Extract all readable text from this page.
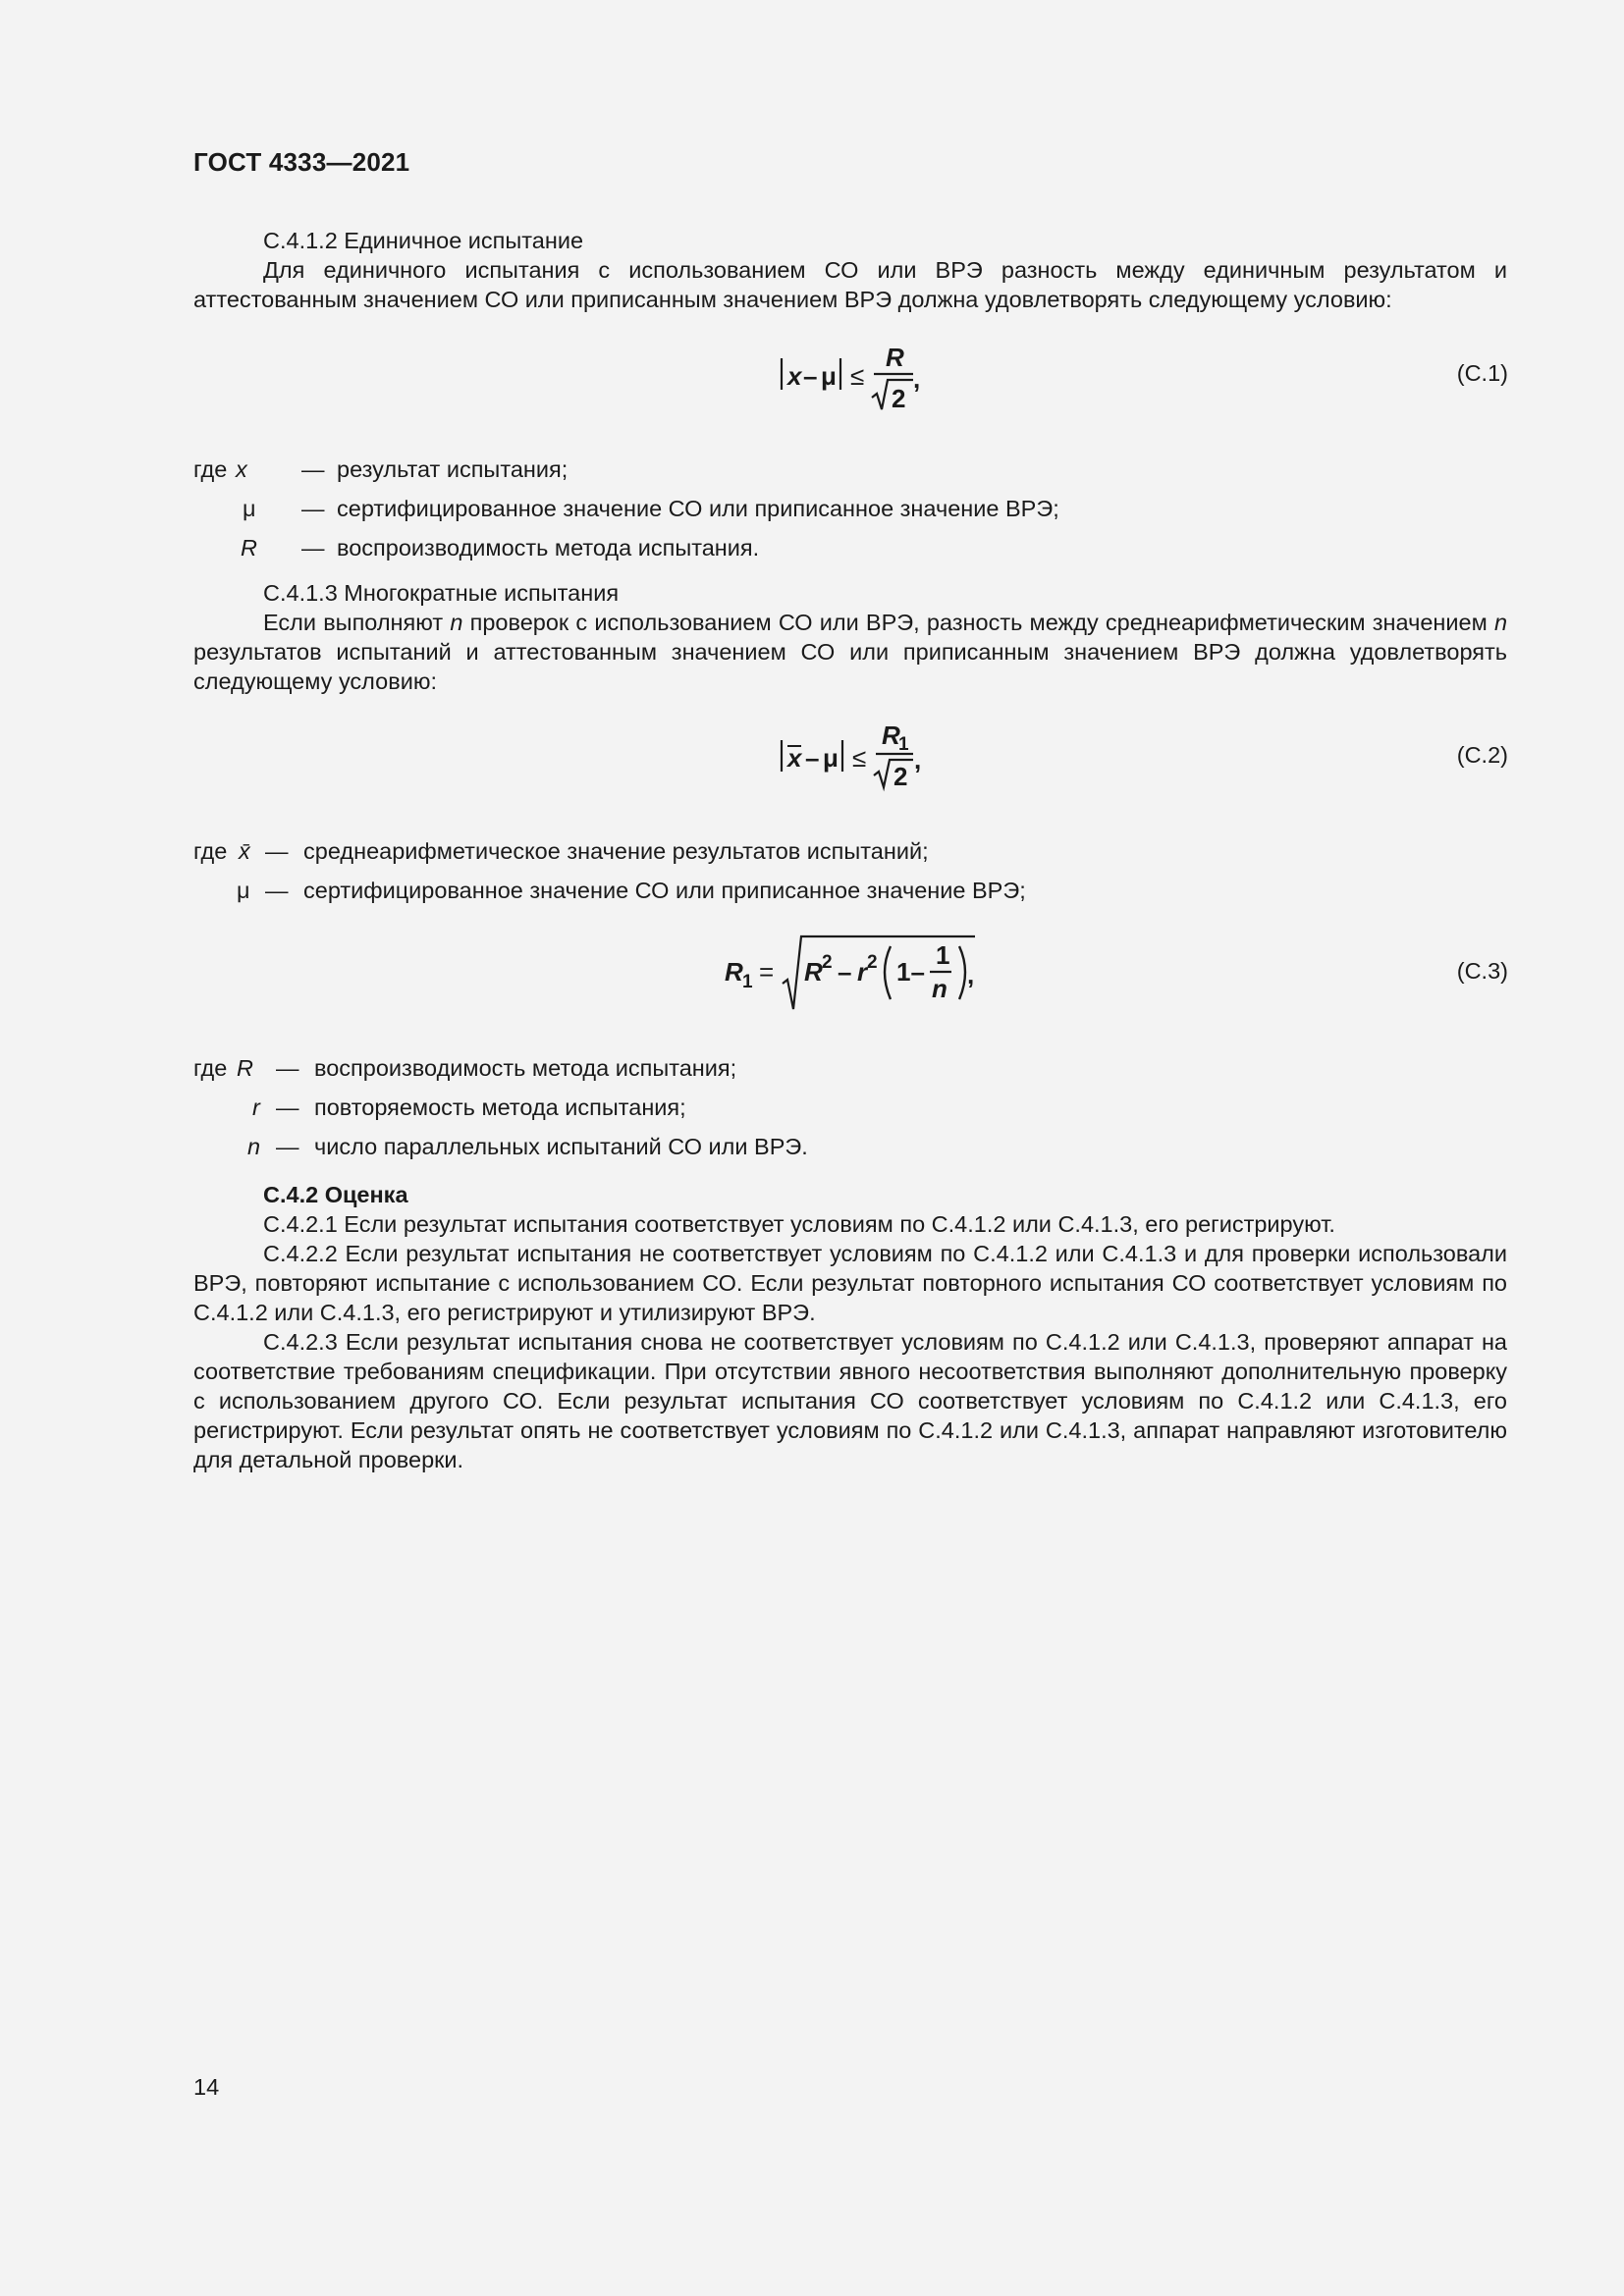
ГОСТ 4333—2021
С.4.1.2 Единичное испытание
Для единичного испытания с использованием СО или ВРЭ разность между единичным результатом и аттестованным значением СО или приписанным значением ВРЭ должна удовлетворять следующему условию:
x – μ ≤
R
2
,	(С.1)
где x — результат испытания;
μ — сертифицированное значение СО или приписанное значение ВРЭ;
R — воспроизводимость метода испытания.
С.4.1.3 Многократные испытания
Если выполняют n проверок с использованием СО или ВРЭ, разность между среднеарифметическим значением n результатов испытаний и аттестованным значением СО или приписанным значением ВРЭ должна удовлетворять следующему условию:
x – μ ≤
R
1
2
,	(С.2)
где x̄ — среднеарифметическое значение результатов испытаний;
μ — сертифицированное значение СО или приписанное значение ВРЭ;
R 1 = R 2 – r 2 1–
1
n ,	(С.3)
где R — воспроизводимость метода испытания;
r — повторяемость метода испытания;
n — число параллельных испытаний СО или ВРЭ.
С.4.2 Оценка
С.4.2.1 Если результат испытания соответствует условиям по С.4.1.2 или С.4.1.3, его регистрируют.
С.4.2.2 Если результат испытания не соответствует условиям по С.4.1.2 или С.4.1.3 и для проверки использовали ВРЭ, повторяют испытание с использованием СО. Если результат повторного испытания СО соответствует условиям по С.4.1.2 или С.4.1.3, его регистрируют и утилизируют ВРЭ.
С.4.2.3 Если результат испытания снова не соответствует условиям по С.4.1.2 или С.4.1.3, проверяют аппарат на соответствие требованиям спецификации. При отсутствии явного несоответствия выполняют дополнительную проверку с использованием другого СО. Если результат испытания СО соответствует условиям по С.4.1.2 или С.4.1.3, его регистрируют. Если результат опять не соответствует условиям по С.4.1.2 или С.4.1.3, аппарат направляют изготовителю для детальной проверки.
14
